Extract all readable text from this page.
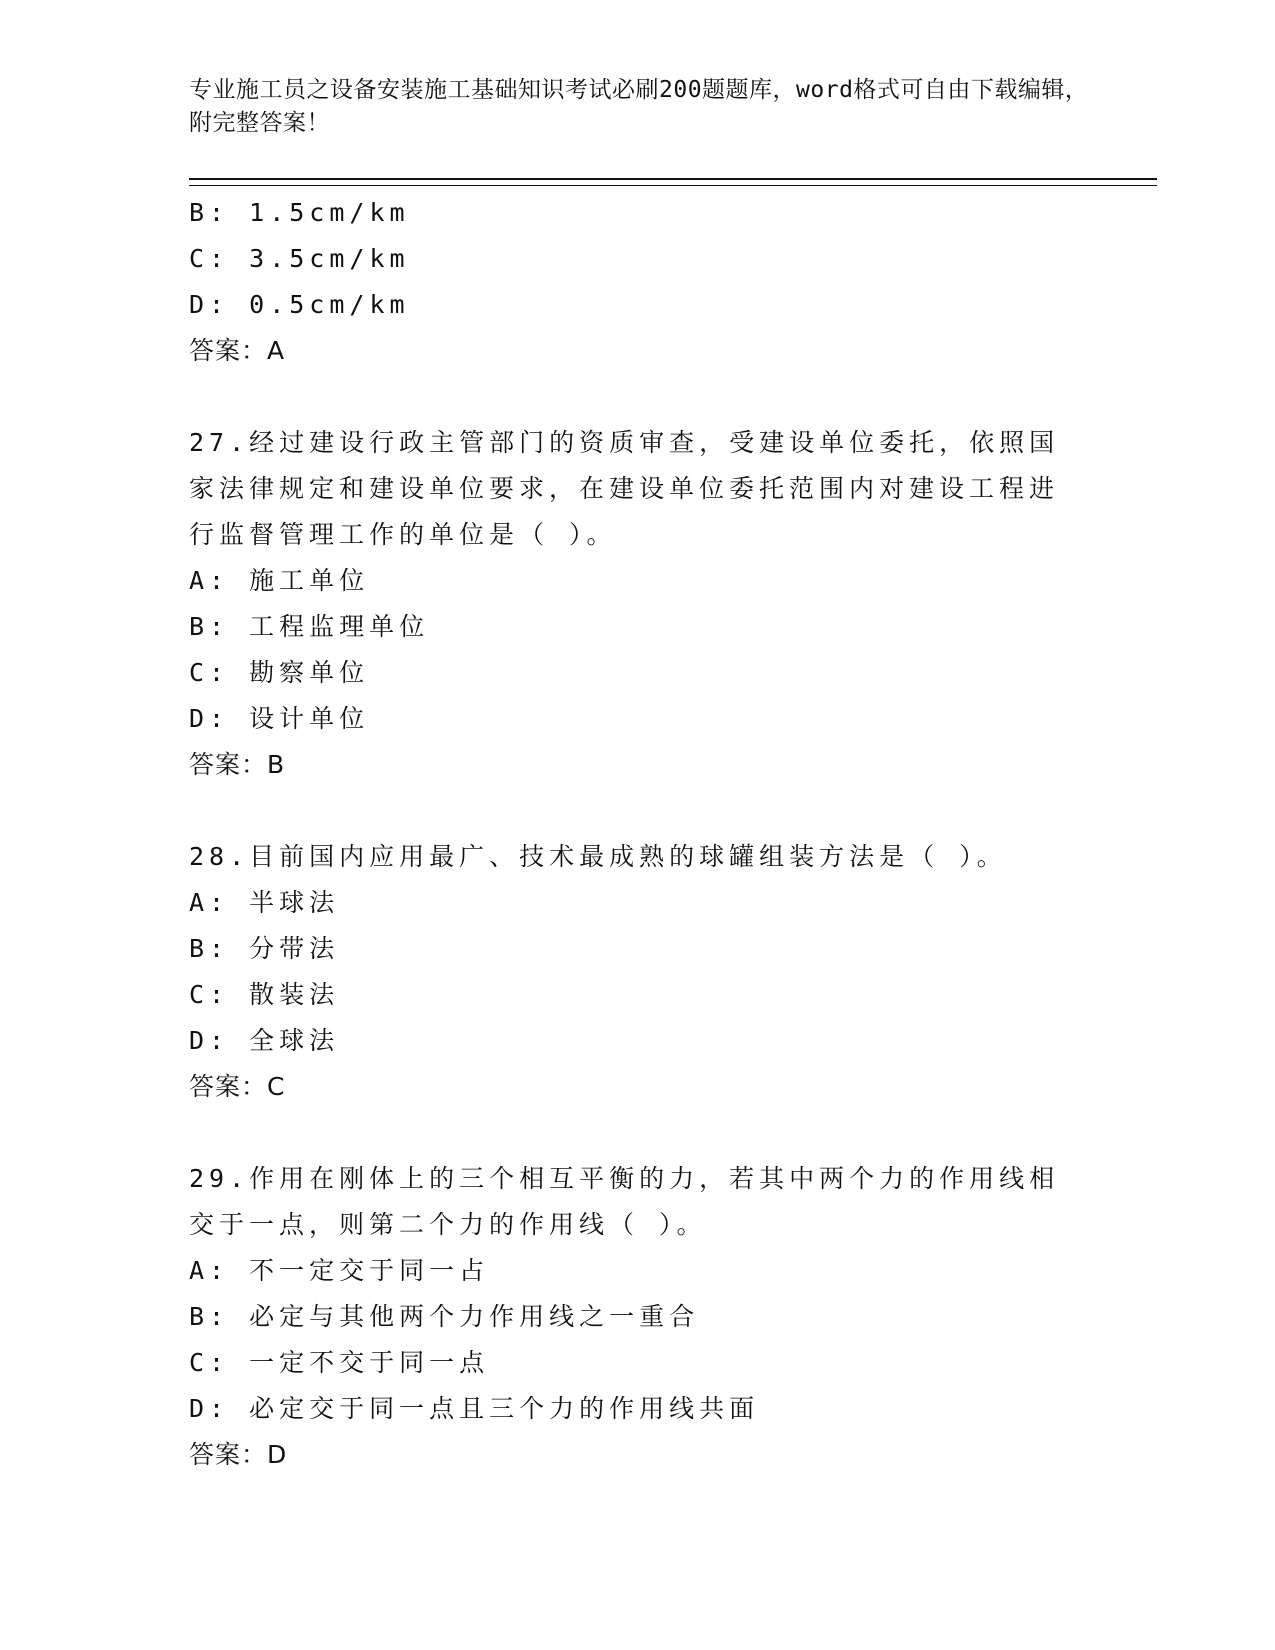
专业施工员之设备安装施工基础知识考试必刷200题题库，word格式可自由下载编辑，附完整答案！
B: 1.5cm/km
C: 3.5cm/km
D: 0.5cm/km
答案：A
27.经过建设行政主管部门的资质审查，受建设单位委托，依照国家法律规定和建设单位要求，在建设单位委托范围内对建设工程进行监督管理工作的单位是（ ）。
A: 施工单位
B: 工程监理单位
C: 勘察单位
D: 设计单位
答案：B
28.目前国内应用最广、技术最成熟的球罐组装方法是（ ）。
A: 半球法
B: 分带法
C: 散装法
D: 全球法
答案：C
29.作用在刚体上的三个相互平衡的力，若其中两个力的作用线相交于一点，则第二个力的作用线（ ）。
A: 不一定交于同一占
B: 必定与其他两个力作用线之一重合
C: 一定不交于同一点
D: 必定交于同一点且三个力的作用线共面
答案：D
